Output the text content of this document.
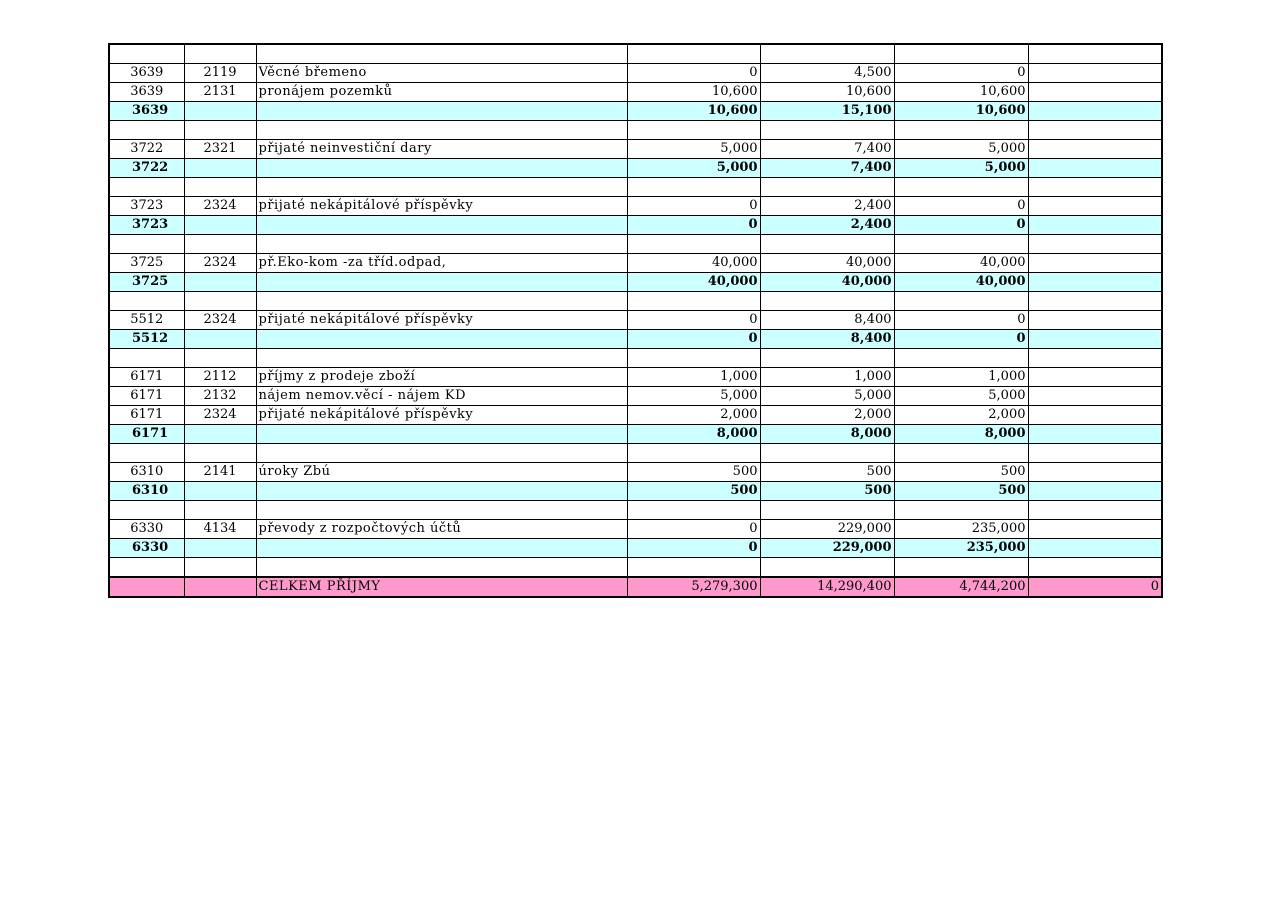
3639	2119	Věcné břemeno	0	4,500	0	
3639	2131	pronájem pozemků	10,600	10,600	10,600	
3639			10,600	15,100	10,600	

3722	2321	přijaté neinvestiční dary	5,000	7,400	5,000	
3722			5,000	7,400	5,000	

3723	2324	přijaté nekápitálové příspěvky	0	2,400	0	
3723			0	2,400	0	

3725	2324	př.Eko-kom -za tříd.odpad,	40,000	40,000	40,000	
3725			40,000	40,000	40,000	

5512	2324	přijaté nekápitálové příspěvky	0	8,400	0	
5512			0	8,400	0	

6171	2112	příjmy z prodeje zboží	1,000	1,000	1,000	
6171	2132	nájem nemov.věcí - nájem KD	5,000	5,000	5,000	
6171	2324	přijaté nekápitálové příspěvky	2,000	2,000	2,000	
6171			8,000	8,000	8,000	

6310	2141	úroky Zbú	500	500	500	
6310			500	500	500	

6330	4134	převody z rozpočtových účtů	0	229,000	235,000	
6330			0	229,000	235,000	

		CELKEM PŘÍJMY	5,279,300	14,290,400	4,744,200	0
